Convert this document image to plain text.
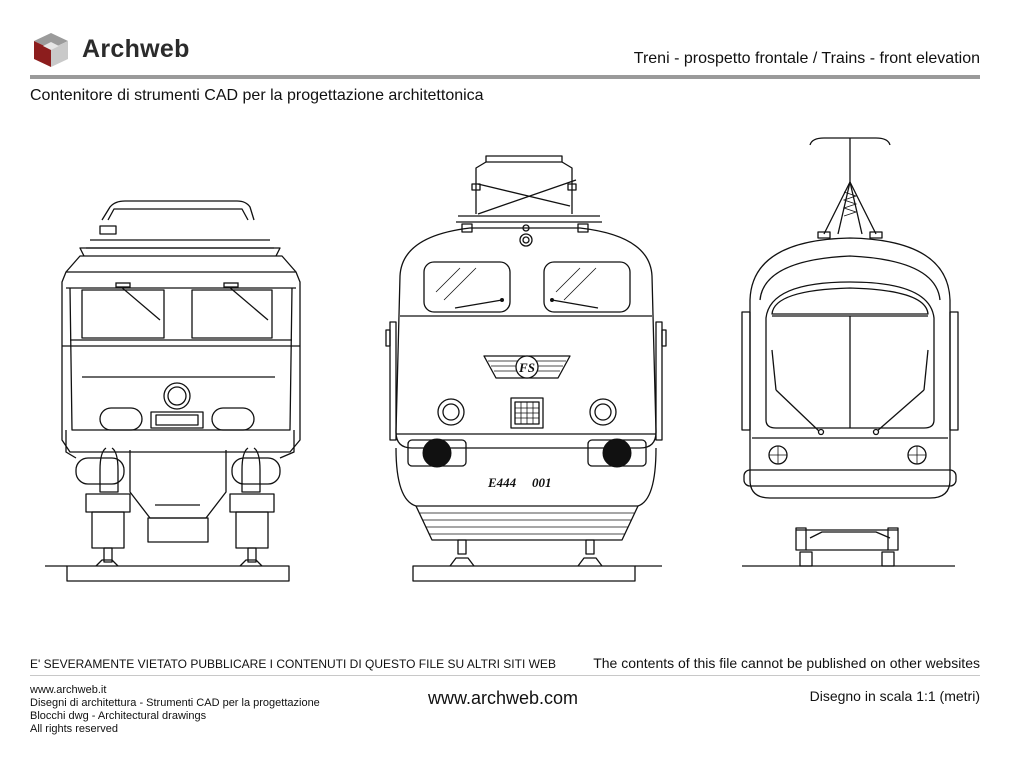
Archweb	Treni - prospetto frontale / Trains - front elevation
Contenitore di strumenti CAD per la progettazione architettonica
FS
E444 001
E' SEVERAMENTE VIETATO PUBBLICARE I CONTENUTI DI QUESTO FILE SU ALTRI SITI WEB	The contents of this file cannot be published on other websites
www.archweb.it
Disegni di architettura - Strumenti CAD per la progettazione
Blocchi dwg - Architectural drawings
All rights reserved
www.archweb.com	Disegno in scala 1:1 (metri)
